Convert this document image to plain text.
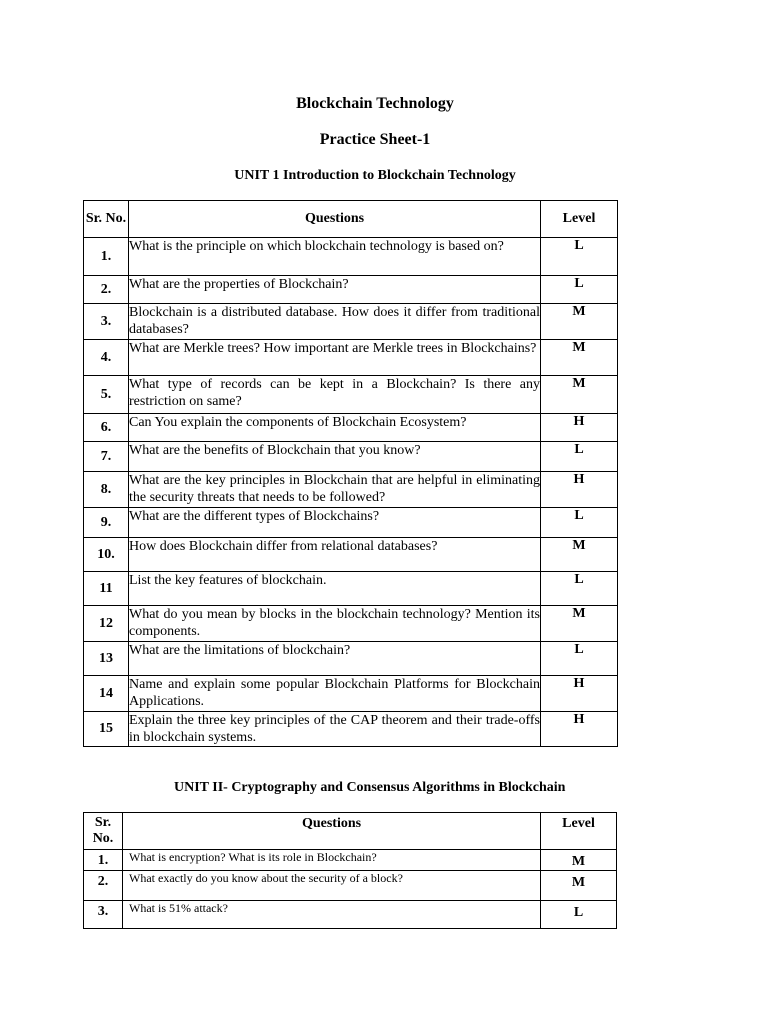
Blockchain Technology
Practice Sheet-1
UNIT 1 Introduction to Blockchain Technology
Sr. No.	Questions	Level
1.	What is the principle on which blockchain technology is based on?	L
2.	What are the properties of Blockchain?	L
3.	Blockchain is a distributed database. How does it differ from traditional databases?	M
4.	What are Merkle trees? How important are Merkle trees in Blockchains?	M
5.	What type of records can be kept in a Blockchain? Is there any restriction on same?	M
6.	Can You explain the components of Blockchain Ecosystem?	H
7.	What are the benefits of Blockchain that you know?	L
8.	What are the key principles in Blockchain that are helpful in eliminating the security threats that needs to be followed?	H
9.	What are the different types of Blockchains?	L
10.	How does Blockchain differ from relational databases?	M
11	List the key features of blockchain.	L
12	What do you mean by blocks in the blockchain technology? Mention its components.	M
13	What are the limitations of blockchain?	L
14	Name and explain some popular Blockchain Platforms for Blockchain Applications.	H
15	Explain the three key principles of the CAP theorem and their trade-offs in blockchain systems.	H
UNIT II- Cryptography and Consensus Algorithms in Blockchain
Sr. No.	Questions	Level
1.	What is encryption? What is its role in Blockchain?	M
2.	What exactly do you know about the security of a block?	M
3.	What is 51% attack?	L
